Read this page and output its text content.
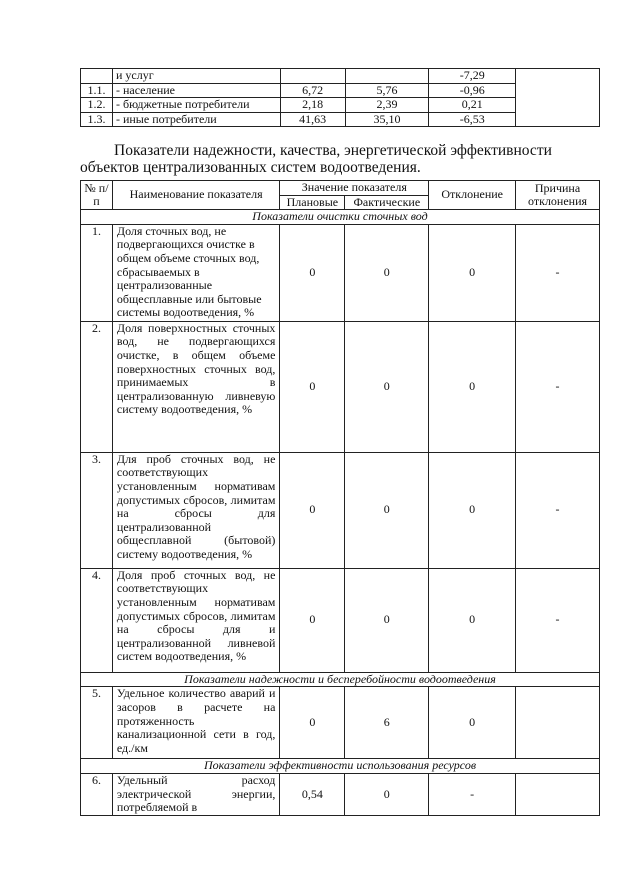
	и услуг			-7,29	
1.1.	- население	6,72	5,76	-0,96	
1.2.	- бюджетные потребители	2,18	2,39	0,21	
1.3.	- иные потребители	41,63	35,10	-6,53	
Показатели надежности, качества, энергетической эффективности объектов централизованных систем водоотведения.
№ п/п	Наименование показателя	Значение показателя		Отклонение	Причина отклонения
		Плановые	Фактические		
Показатели очистки сточных вод					
1.	Доля сточных вод, не подвергающихся очистке в общем объеме сточных вод, сбрасываемых в централизованные общесплавные или бытовые системы водоотведения, %	0	0	0	-
2.	Доля поверхностных сточных вод, не подвергающихся очистке, в общем объеме поверхностных сточных вод, принимаемых в централизованную ливневую систему водоотведения, %	0	0	0	-
3.	Для проб сточных вод, не соответствующих установленным нормативам допустимых сбросов, лимитам на сбросы для централизованной общесплавной (бытовой) систему водоотведения, %	0	0	0	-
4.	Доля проб сточных вод, не соответствующих установленным нормативам допустимых сбросов, лимитам на сбросы для и централизованной ливневой систем водоотведения, %	0	0	0	-
Показатели надежности и бесперебойности водоотведения					
5.	Удельное количество аварий и засоров в расчете на протяженность канализационной сети в год, ед./км	0	6	0	
Показатели эффективности использования ресурсов					
6.	Удельный расход электрической энергии, потребляемой в	0,54	0	-	
